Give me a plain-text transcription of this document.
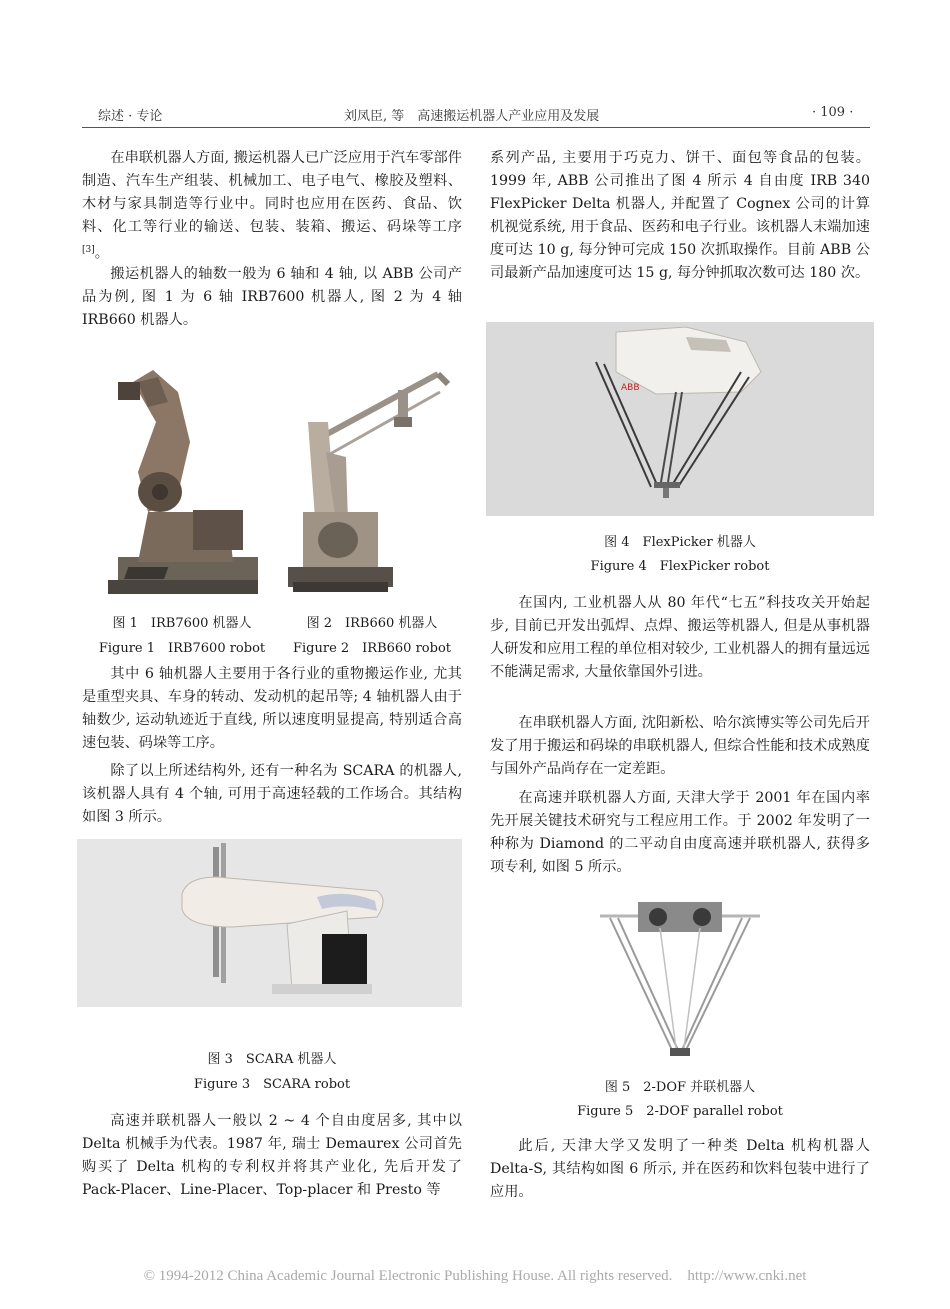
综述 · 专论	刘凤臣, 等　高速搬运机器人产业应用及发展	· 109 ·

在串联机器人方面, 搬运机器人已广泛应用于汽车零部件制造、汽车生产组装、机械加工、电子电气、橡胶及塑料、木材与家具制造等行业中。同时也应用在医药、食品、饮料、化工等行业的输送、包装、装箱、搬运、码垛等工序[3]。

搬运机器人的轴数一般为 6 轴和 4 轴, 以 ABB 公司产品为例, 图 1 为 6 轴 IRB7600 机器人, 图 2 为 4 轴 IRB660 机器人。

图 1　IRB7600 机器人
Figure 1　IRB7600 robot
图 2　IRB660 机器人
Figure 2　IRB660 robot

其中 6 轴机器人主要用于各行业的重物搬运作业, 尤其是重型夹具、车身的转动、发动机的起吊等; 4 轴机器人由于轴数少, 运动轨迹近于直线, 所以速度明显提高, 特别适合高速包装、码垛等工序。

除了以上所述结构外, 还有一种名为 SCARA 的机器人, 该机器人具有 4 个轴, 可用于高速轻载的工作场合。其结构如图 3 所示。

图 3　SCARA 机器人
Figure 3　SCARA robot

高速并联机器人一般以 2 ~ 4 个自由度居多, 其中以 Delta 机械手为代表。1987 年, 瑞士 Demaurex 公司首先购买了 Delta 机构的专利权并将其产业化, 先后开发了 Pack-Placer、Line-Placer、Top-placer 和 Presto 等

系列产品, 主要用于巧克力、饼干、面包等食品的包装。1999 年, ABB 公司推出了图 4 所示 4 自由度 IRB 340 FlexPicker Delta 机器人, 并配置了 Cognex 公司的计算机视觉系统, 用于食品、医药和电子行业。该机器人末端加速度可达 10 g, 每分钟可完成 150 次抓取操作。目前 ABB 公司最新产品加速度可达 15 g, 每分钟抓取次数可达 180 次。

ABB
图 4　FlexPicker 机器人
Figure 4　FlexPicker robot

在国内, 工业机器人从 80 年代“七五”科技攻关开始起步, 目前已开发出弧焊、点焊、搬运等机器人, 但是从事机器人研发和应用工程的单位相对较少, 工业机器人的拥有量远远不能满足需求, 大量依靠国外引进。

在串联机器人方面, 沈阳新松、哈尔滨博实等公司先后开发了用于搬运和码垛的串联机器人, 但综合性能和技术成熟度与国外产品尚存在一定差距。

在高速并联机器人方面, 天津大学于 2001 年在国内率先开展关键技术研究与工程应用工作。于 2002 年发明了一种称为 Diamond 的二平动自由度高速并联机器人, 获得多项专利, 如图 5 所示。

图 5　2-DOF 并联机器人
Figure 5　2-DOF parallel robot

此后, 天津大学又发明了一种类 Delta 机构机器人 Delta-S, 其结构如图 6 所示, 并在医药和饮料包装中进行了应用。

© 1994-2012 China Academic Journal Electronic Publishing House. All rights reserved.　http://www.cnki.net
